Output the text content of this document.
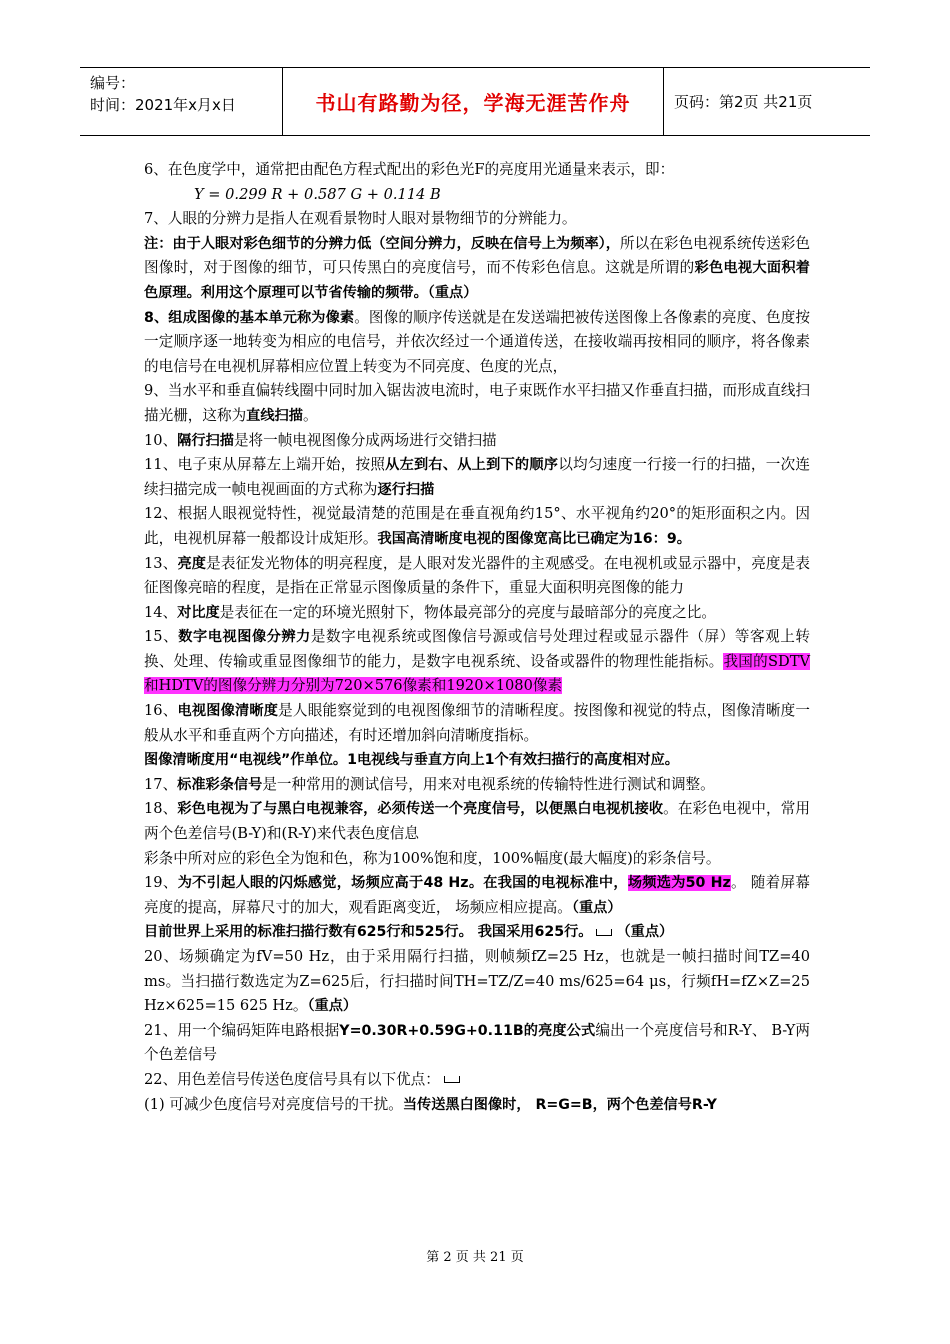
编号：
时间：2021年x月x日	书山有路勤为径，学海无涯苦作舟	页码：第2页 共21页

6、在色度学中，通常把由配色方程式配出的彩色光F的亮度用光通量来表示，即：

Y = 0.299 R + 0.587 G + 0.114 B

7、人眼的分辨力是指人在观看景物时人眼对景物细节的分辨能力。

注：由于人眼对彩色细节的分辨力低（空间分辨力，反映在信号上为频率），所以在彩色电视系统传送彩色图像时，对于图像的细节，可只传黑白的亮度信号，而不传彩色信息。这就是所谓的彩色电视大面积着色原理。利用这个原理可以节省传输的频带。（重点）

8、组成图像的基本单元称为像素。图像的顺序传送就是在发送端把被传送图像上各像素的亮度、色度按一定顺序逐一地转变为相应的电信号，并依次经过一个通道传送，在接收端再按相同的顺序，将各像素的电信号在电视机屏幕相应位置上转变为不同亮度、色度的光点，

9、当水平和垂直偏转线圈中同时加入锯齿波电流时，电子束既作水平扫描又作垂直扫描，而形成直线扫描光栅，这称为直线扫描。

10、隔行扫描是将一帧电视图像分成两场进行交错扫描

11、电子束从屏幕左上端开始，按照从左到右、从上到下的顺序以均匀速度一行接一行的扫描，一次连续扫描完成一帧电视画面的方式称为逐行扫描

12、根据人眼视觉特性，视觉最清楚的范围是在垂直视角约15°、水平视角约20°的矩形面积之内。因此，电视机屏幕一般都设计成矩形。我国高清晰度电视的图像宽高比已确定为16：9。

13、亮度是表征发光物体的明亮程度，是人眼对发光器件的主观感受。在电视机或显示器中，亮度是表征图像亮暗的程度，是指在正常显示图像质量的条件下，重显大面积明亮图像的能力

14、对比度是表征在一定的环境光照射下，物体最亮部分的亮度与最暗部分的亮度之比。

15、数字电视图像分辨力是数字电视系统或图像信号源或信号处理过程或显示器件（屏）等客观上转换、处理、传输或重显图像细节的能力，是数字电视系统、设备或器件的物理性能指标。我国的SDTV和HDTV的图像分辨力分别为720×576像素和1920×1080像素

16、电视图像清晰度是人眼能察觉到的电视图像细节的清晰程度。按图像和视觉的特点，图像清晰度一般从水平和垂直两个方向描述，有时还增加斜向清晰度指标。

图像清晰度用“电视线”作单位。1电视线与垂直方向上1个有效扫描行的高度相对应。

17、标准彩条信号是一种常用的测试信号，用来对电视系统的传输特性进行测试和调整。

18、彩色电视为了与黑白电视兼容，必须传送一个亮度信号，以便黑白电视机接收。在彩色电视中，常用两个色差信号(B-Y)和(R-Y)来代表色度信息

彩条中所对应的彩色全为饱和色，称为100%饱和度，100%幅度(最大幅度)的彩条信号。

19、为不引起人眼的闪烁感觉，场频应高于48 Hz。在我国的电视标准中，场频选为50 Hz。 随着屏幕亮度的提高，屏幕尺寸的加大，观看距离变近， 场频应相应提高。（重点）

目前世界上采用的标准扫描行数有625行和525行。 我国采用625行。 （重点）

20、场频确定为fV=50 Hz，由于采用隔行扫描，则帧频fZ=25 Hz，也就是一帧扫描时间TZ=40 ms。当扫描行数选定为Z=625后，行扫描时间TH=TZ/Z=40 ms/625=64 μs，行频fH=fZ×Z=25 Hz×625=15 625 Hz。（重点）

21、用一个编码矩阵电路根据Y=0.30R+0.59G+0.11B的亮度公式编出一个亮度信号和R-Y、 B-Y两个色差信号

22、用色差信号传送色度信号具有以下优点：

(1) 可减少色度信号对亮度信号的干扰。当传送黑白图像时， R=G=B，两个色差信号R-Y

第 2 页 共 21 页
